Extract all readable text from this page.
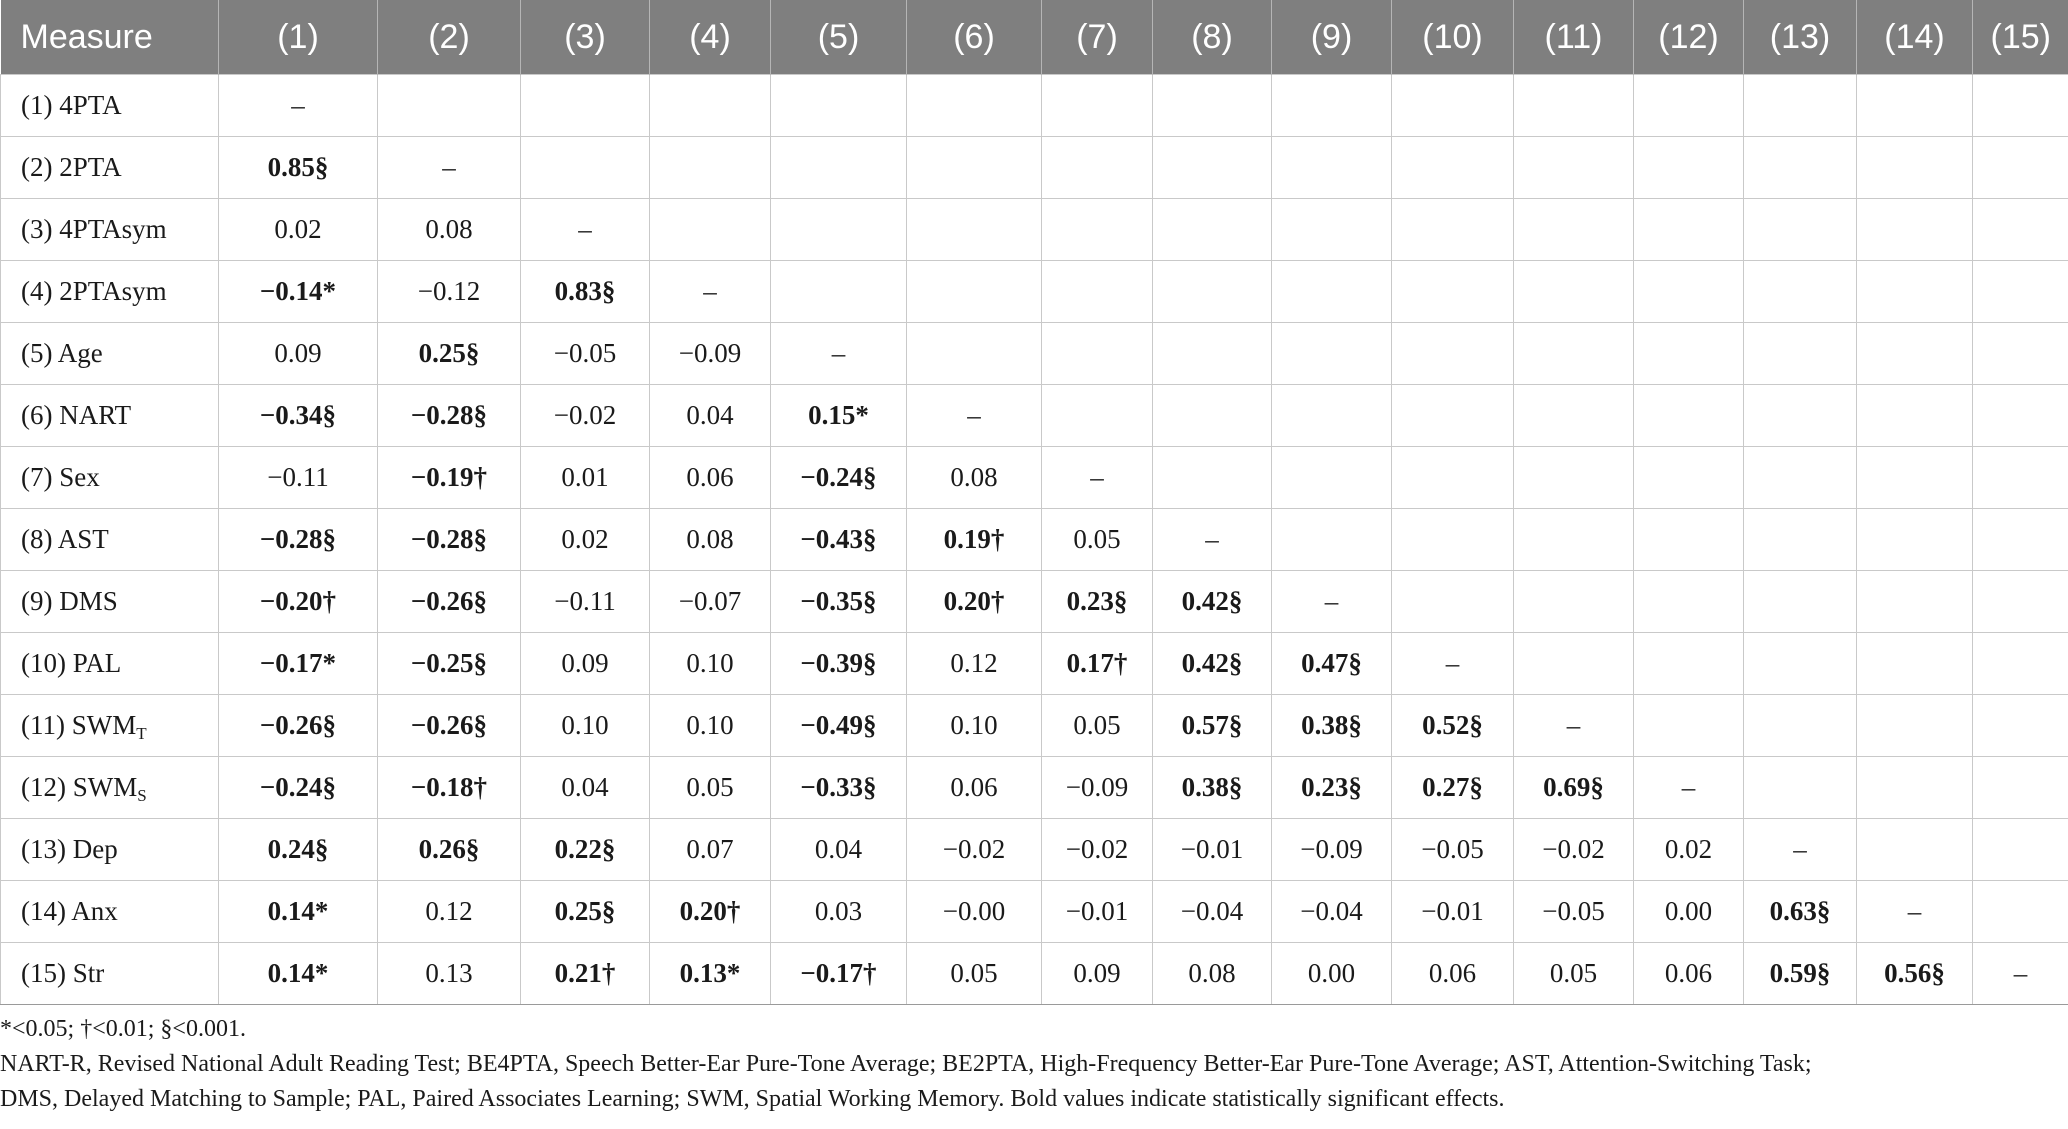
Measure	(1)	(2)	(3)	(4)	(5)	(6)	(7)	(8)	(9)	(10)	(11)	(12)	(13)	(14)	(15)
(1) 4PTA	–														
(2) 2PTA	0.85§	–													
(3) 4PTAsym	0.02	0.08	–												
(4) 2PTAsym	−0.14*	−0.12	0.83§	–											
(5) Age	0.09	0.25§	−0.05	−0.09	–										
(6) NART	−0.34§	−0.28§	−0.02	0.04	0.15*	–									
(7) Sex	−0.11	−0.19†	0.01	0.06	−0.24§	0.08	–								
(8) AST	−0.28§	−0.28§	0.02	0.08	−0.43§	0.19†	0.05	–							
(9) DMS	−0.20†	−0.26§	−0.11	−0.07	−0.35§	0.20†	0.23§	0.42§	–						
(10) PAL	−0.17*	−0.25§	0.09	0.10	−0.39§	0.12	0.17†	0.42§	0.47§	–					
(11) $SWM_T$	−0.26§	−0.26§	0.10	0.10	−0.49§	0.10	0.05	0.57§	0.38§	0.52§	–				
(12) $SWM_S$	−0.24§	−0.18†	0.04	0.05	−0.33§	0.06	−0.09	0.38§	0.23§	0.27§	0.69§	–			
(13) Dep	0.24§	0.26§	0.22§	0.07	0.04	−0.02	−0.02	−0.01	−0.09	−0.05	−0.02	0.02	–		
(14) Anx	0.14*	0.12	0.25§	0.20†	0.03	−0.00	−0.01	−0.04	−0.04	−0.01	−0.05	0.00	0.63§	–	
(15) Str	0.14*	0.13	0.21†	0.13*	−0.17†	0.05	0.09	0.08	0.00	0.06	0.05	0.06	0.59§	0.56§	–
*<0.05; †<0.01; §<0.001.
NART-R, Revised National Adult Reading Test; BE4PTA, Speech Better-Ear Pure-Tone Average; BE2PTA, High-Frequency Better-Ear Pure-Tone Average; AST, Attention-Switching Task;
DMS, Delayed Matching to Sample; PAL, Paired Associates Learning; SWM, Spatial Working Memory. Bold values indicate statistically significant effects.
